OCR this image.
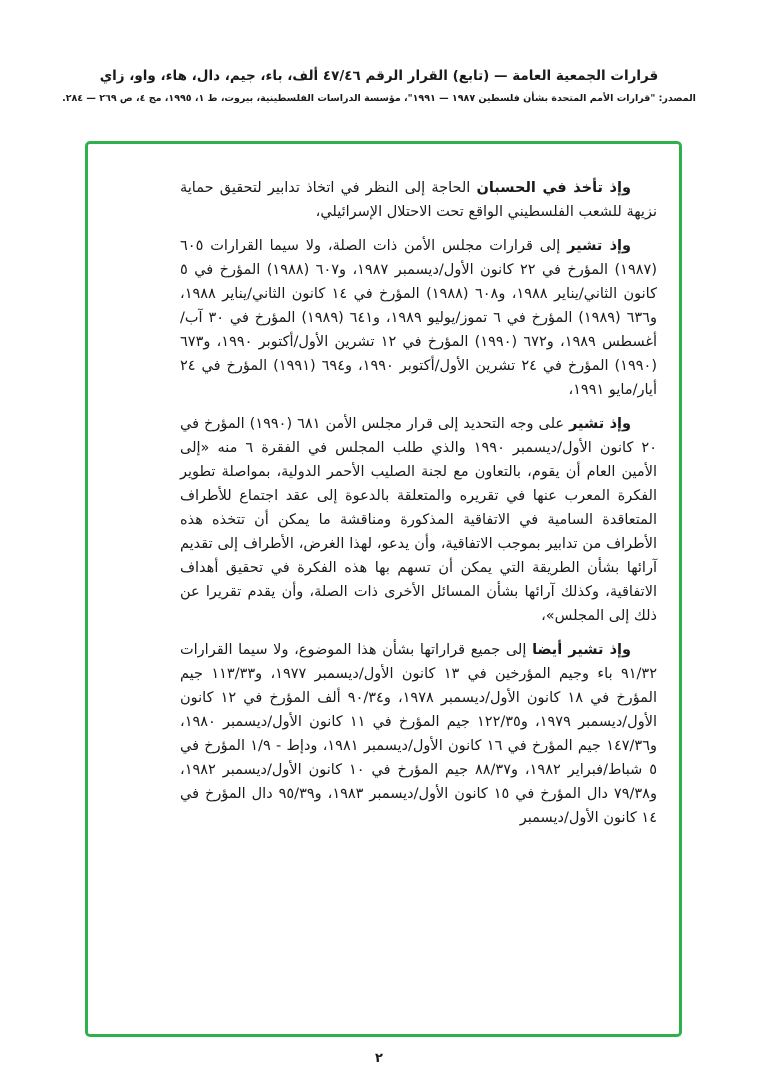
قرارات الجمعية العامة — (تابع) القرار الرقم ٤٧/٤٦ ألف، باء، جيم، دال، هاء، واو، زاي
المصدر: "قرارات الأمم المتحدة بشأن فلسطين ١٩٨٧ — ١٩٩١"، مؤسسة الدراسات الفلسطينية، بيروت، ط ١، ١٩٩٥، مج ٤، ص ٢٦٩ — ٢٨٤.

وإذ تأخذ في الحسبان الحاجة إلى النظر في اتخاذ تدابير لتحقيق حماية نزيهة للشعب الفلسطيني الواقع تحت الاحتلال الإسرائيلي،

وإذ تشير إلى قرارات مجلس الأمن ذات الصلة، ولا سيما القرارات ٦٠٥ (١٩٨٧) المؤرخ في ٢٢ كانون الأول/ديسمبر ١٩٨٧، و٦٠٧ (١٩٨٨) المؤرخ في ٥ كانون الثاني/يناير ١٩٨٨، و٦٠٨ (١٩٨٨) المؤرخ في ١٤ كانون الثاني/يناير ١٩٨٨، و٦٣٦ (١٩٨٩) المؤرخ في ٦ تموز/يوليو ١٩٨٩، و٦٤١ (١٩٨٩) المؤرخ في ٣٠ آب/أغسطس ١٩٨٩، و٦٧٢ (١٩٩٠) المؤرخ في ١٢ تشرين الأول/أكتوبر ١٩٩٠، و٦٧٣ (١٩٩٠) المؤرخ في ٢٤ تشرين الأول/أكتوبر ١٩٩٠، و٦٩٤ (١٩٩١) المؤرخ في ٢٤ أيار/مايو ١٩٩١،

وإذ تشير على وجه التحديد إلى قرار مجلس الأمن ٦٨١ (١٩٩٠) المؤرخ في ٢٠ كانون الأول/ديسمبر ١٩٩٠ والذي طلب المجلس في الفقرة ٦ منه «إلى الأمين العام أن يقوم، بالتعاون مع لجنة الصليب الأحمر الدولية، بمواصلة تطوير الفكرة المعرب عنها في تقريره والمتعلقة بالدعوة إلى عقد اجتماع للأطراف المتعاقدة السامية في الاتفاقية المذكورة ومناقشة ما يمكن أن تتخذه هذه الأطراف من تدابير بموجب الاتفاقية، وأن يدعو، لهذا الغرض، الأطراف إلى تقديم آرائها بشأن الطريقة التي يمكن أن تسهم بها هذه الفكرة في تحقيق أهداف الاتفاقية، وكذلك آرائها بشأن المسائل الأخرى ذات الصلة، وأن يقدم تقريرا عن ذلك إلى المجلس»،

وإذ تشير أيضا إلى جميع قراراتها بشأن هذا الموضوع، ولا سيما القرارات ٩١/٣٢ باء وجيم المؤرخين في ١٣ كانون الأول/ديسمبر ١٩٧٧، و١١٣/٣٣ جيم المؤرخ في ١٨ كانون الأول/ديسمبر ١٩٧٨، و٩٠/٣٤ ألف المؤرخ في ١٢ كانون الأول/ديسمبر ١٩٧٩، و١٢٢/٣٥ جيم المؤرخ في ١١ كانون الأول/ديسمبر ١٩٨٠، و١٤٧/٣٦ جيم المؤرخ في ١٦ كانون الأول/ديسمبر ١٩٨١، ودإط - ١/٩ المؤرخ في ٥ شباط/فبراير ١٩٨٢، و٨٨/٣٧ جيم المؤرخ في ١٠ كانون الأول/ديسمبر ١٩٨٢، و٧٩/٣٨ دال المؤرخ في ١٥ كانون الأول/ديسمبر ١٩٨٣، و٩٥/٣٩ دال المؤرخ في ١٤ كانون الأول/ديسمبر

٢
